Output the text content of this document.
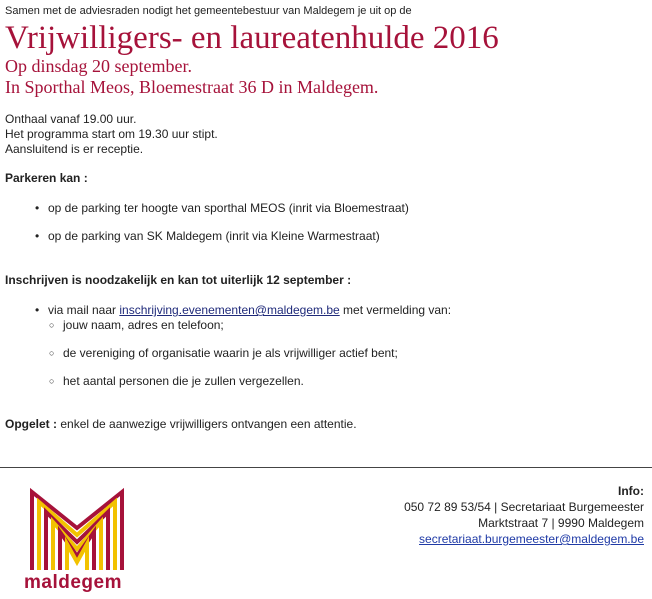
Samen met de adviesraden nodigt het gemeentebestuur van Maldegem je uit op de

Vrijwilligers- en laureatenhulde 2016

Op dinsdag 20 september.

In Sporthal Meos, Bloemestraat 36 D in Maldegem.

Onthaal vanaf 19.00 uur.

Het programma start om 19.30 uur stipt.

Aansluitend is er receptie.

Parkeren kan :

• op de parking ter hoogte van sporthal MEOS (inrit via Bloemestraat)
• op de parking van SK Maldegem (inrit via Kleine Warmestraat)

Inschrijven is noodzakelijk en kan tot uiterlijk 12 september :

• via mail naar inschrijving.evenementen@maldegem.be met vermelding van:
○ jouw naam, adres en telefoon;
○ de vereniging of organisatie waarin je als vrijwilliger actief bent;
○ het aantal personen die je zullen vergezellen.

Opgelet : enkel de aanwezige vrijwilligers ontvangen een attentie.

maldegem
Info:
050 72 89 53/54 | Secretariaat Burgemeester
Marktstraat 7 | 9990 Maldegem
secretariaat.burgemeester@maldegem.be
